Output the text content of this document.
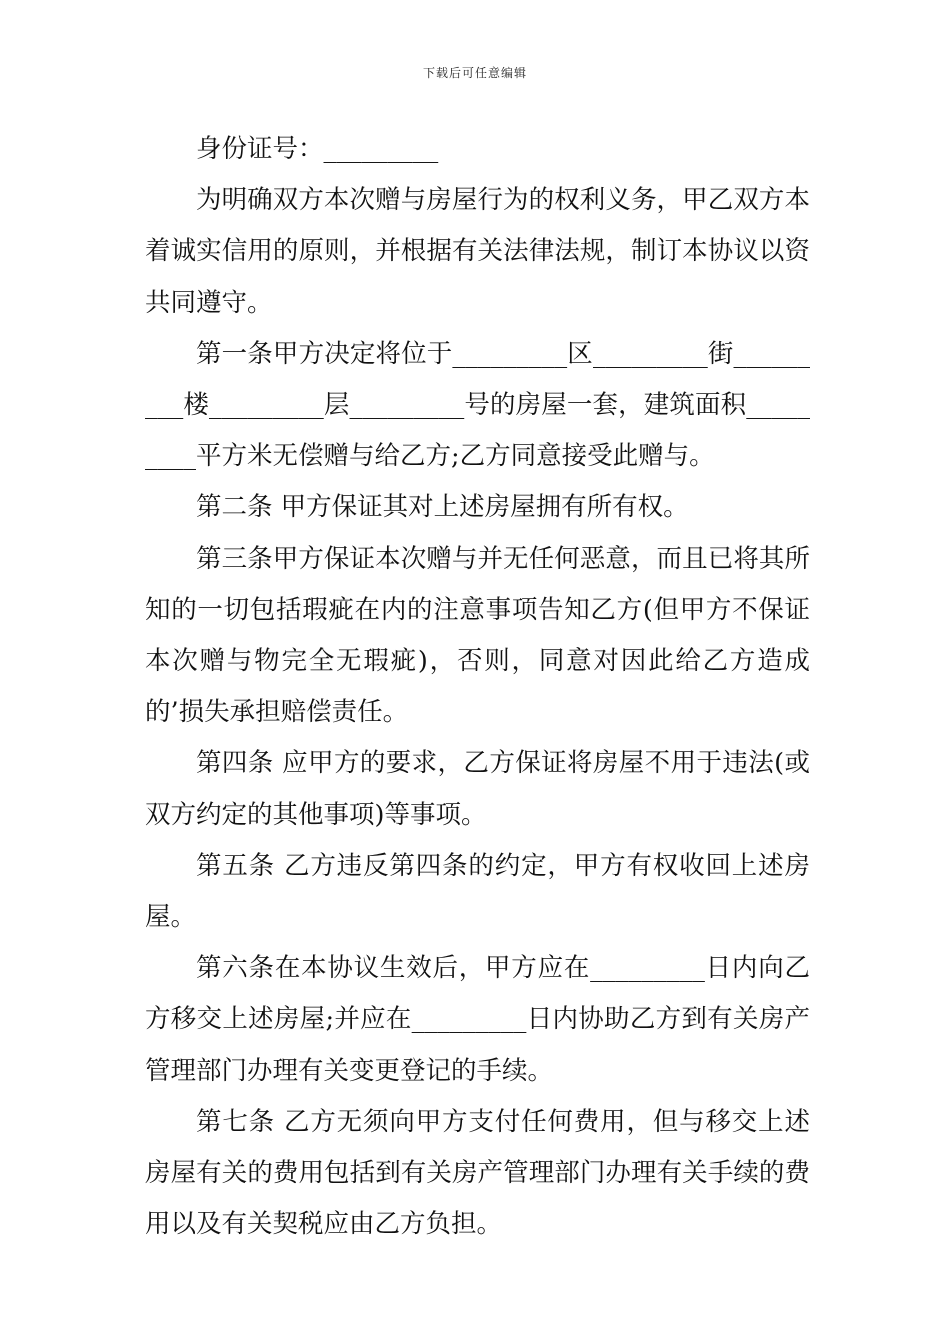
下载后可任意编辑

身份证号：_________

为明确双方本次赠与房屋行为的权利义务，甲乙双方本着诚实信用的原则，并根据有关法律法规，制订本协议以资共同遵守。

第一条甲方决定将位于_________区_________街_________楼_________层_________号的房屋一套，建筑面积_________平方米无偿赠与给乙方;乙方同意接受此赠与。

第二条 甲方保证其对上述房屋拥有所有权。

第三条甲方保证本次赠与并无任何恶意，而且已将其所知的一切包括瑕疵在内的注意事项告知乙方(但甲方不保证本次赠与物完全无瑕疵)，否则，同意对因此给乙方造成的’损失承担赔偿责任。

第四条 应甲方的要求，乙方保证将房屋不用于违法(或双方约定的其他事项)等事项。

第五条 乙方违反第四条的约定，甲方有权收回上述房屋。

第六条在本协议生效后，甲方应在_________日内向乙方移交上述房屋;并应在_________日内协助乙方到有关房产管理部门办理有关变更登记的手续。

第七条 乙方无须向甲方支付任何费用，但与移交上述房屋有关的费用包括到有关房产管理部门办理有关手续的费用以及有关契税应由乙方负担。
